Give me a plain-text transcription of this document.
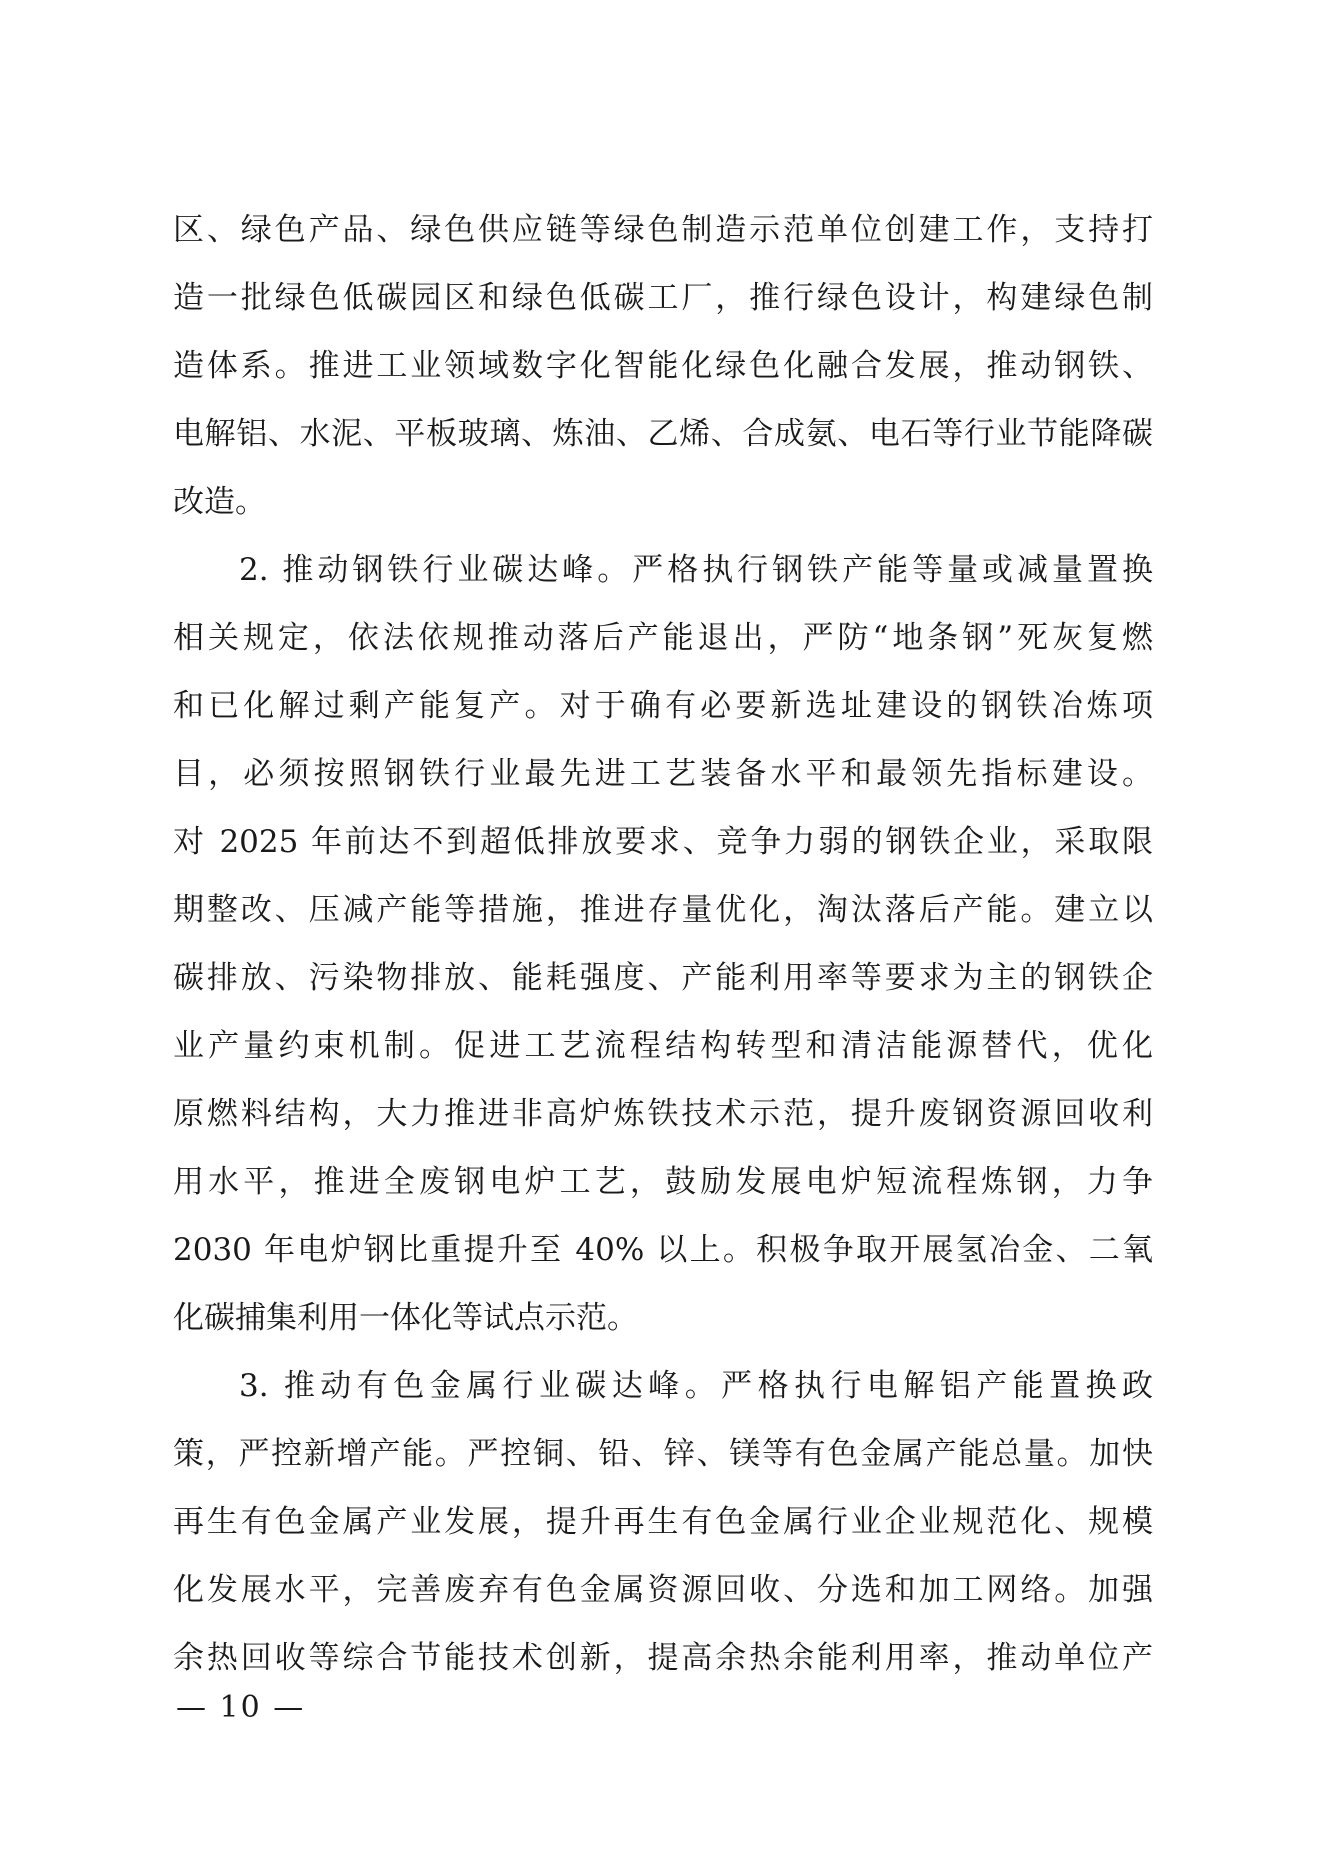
区、绿色产品、绿色供应链等绿色制造示范单位创建工作，支持打
造一批绿色低碳园区和绿色低碳工厂，推行绿色设计，构建绿色制
造体系。推进工业领域数字化智能化绿色化融合发展，推动钢铁、
电解铝、水泥、平板玻璃、炼油、乙烯、合成氨、电石等行业节能降碳
改造。
2. 推动钢铁行业碳达峰。严格执行钢铁产能等量或减量置换
相关规定，依法依规推动落后产能退出，严防“地条钢”死灰复燃
和已化解过剩产能复产。对于确有必要新选址建设的钢铁冶炼项
目，必须按照钢铁行业最先进工艺装备水平和最领先指标建设。
对 2025 年前达不到超低排放要求、竞争力弱的钢铁企业，采取限
期整改、压减产能等措施，推进存量优化，淘汰落后产能。建立以
碳排放、污染物排放、能耗强度、产能利用率等要求为主的钢铁企
业产量约束机制。促进工艺流程结构转型和清洁能源替代，优化
原燃料结构，大力推进非高炉炼铁技术示范，提升废钢资源回收利
用水平，推进全废钢电炉工艺，鼓励发展电炉短流程炼钢，力争
2030 年电炉钢比重提升至 40% 以上。积极争取开展氢冶金、二氧
化碳捕集利用一体化等试点示范。
3. 推动有色金属行业碳达峰。严格执行电解铝产能置换政
策，严控新增产能。严控铜、铅、锌、镁等有色金属产能总量。加快
再生有色金属产业发展，提升再生有色金属行业企业规范化、规模
化发展水平，完善废弃有色金属资源回收、分选和加工网络。加强
余热回收等综合节能技术创新，提高余热余能利用率，推动单位产
— 10 —
